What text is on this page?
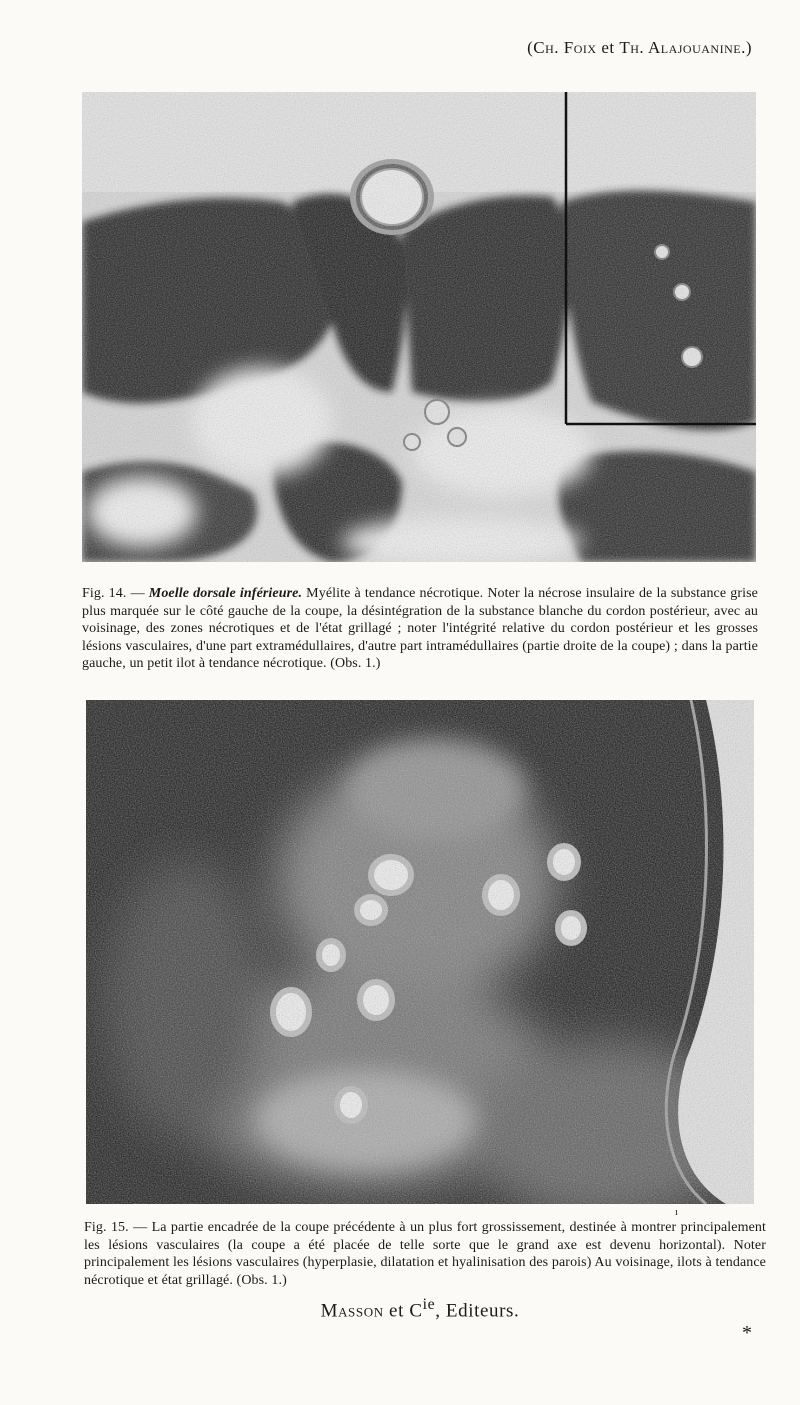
(Ch. Foix et Th. Alajouanine.)
Fig. 14. — Moelle dorsale inférieure. Myélite à tendance nécrotique. Noter la nécrose insulaire de la substance grise plus marquée sur le côté gauche de la coupe, la désintégration de la substance blanche du cordon postérieur, avec au voisinage, des zones nécrotiques et de l'état grillagé ; noter l'intégrité relative du cordon postérieur et les grosses lésions vasculaires, d'une part extramédullaires, d'autre part intramédullaires (partie droite de la coupe) ; dans la partie gauche, un petit ilot à tendance nécrotique. (Obs. 1.)
ı
Fig. 15. — La partie encadrée de la coupe précédente à un plus fort grossissement, destinée à montrer principalement les lésions vasculaires (la coupe a été placée de telle sorte que le grand axe est devenu horizontal). Noter principalement les lésions vasculaires (hyperplasie, dilatation et hyalinisation des parois) Au voisinage, ilots à tendance nécrotique et état grillagé. (Obs. 1.)
Masson et $C^{ie}$, Editeurs.
*
